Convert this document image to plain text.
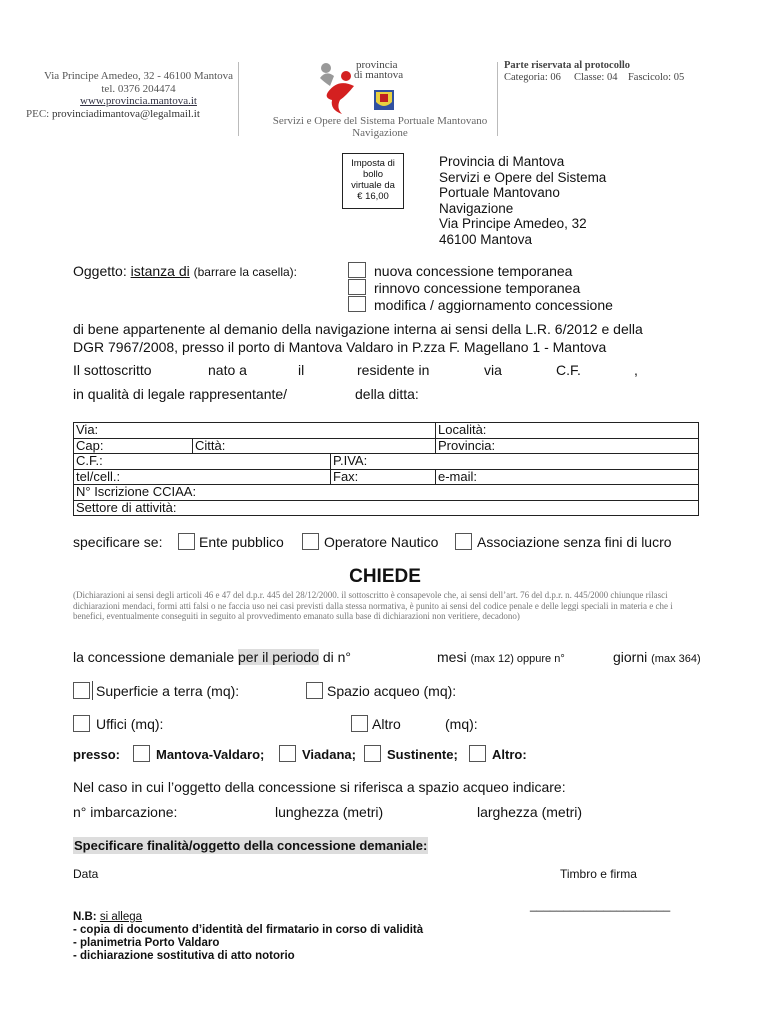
Via Principe Amedeo, 32 - 46100 Mantova
tel. 0376 204474
www.provincia.mantova.it
PEC: provinciadimantova@legalmail.it
provincia
di mantova
Servizi e Opere del Sistema Portuale Mantovano
Navigazione
Parte riservata al protocollo
Categoria: 06     Classe: 04    Fascicolo: 05
Imposta di
bollo
virtuale da
€ 16,00
Provincia di Mantova
Servizi e Opere del Sistema
Portuale Mantovano
Navigazione
Via Principe Amedeo, 32
46100 Mantova
Oggetto: istanza di (barrare la casella):	nuova concessione temporanea
rinnovo concessione temporanea
modifica / aggiornamento concessione
di bene appartenente al demanio della navigazione interna ai sensi della L.R. 6/2012 e della
DGR 7967/2008, presso il porto di Mantova Valdaro in P.zza F. Magellano 1 - Mantova
Il sottoscritto	nato a	il	residente in	via	C.F.	,
in qualità di legale rappresentante/	della ditta:
Via:			Località:
Cap:	Città:		Provincia:
C.F.:		P.IVA:	
tel/cell.:		Fax:	e-mail:
N° Iscrizione CCIAA:			
Settore di attività:			
specificare se:	Ente pubblico	Operatore Nautico	Associazione senza fini di lucro
CHIEDE
(Dichiarazioni ai sensi degli articoli 46 e 47 del d.p.r. 445 del 28/12/2000. il sottoscritto è consapevole che, ai sensi dell’art. 76 del d.p.r. n. 445/2000 chiunque rilasci dichiarazioni mendaci, formi atti falsi o ne faccia uso nei casi previsti dalla stessa normativa, è punito ai sensi del codice penale e delle leggi speciali in materia e che i benefici, eventualmente conseguiti in seguito al provvedimento emanato sulla base di dichiarazioni non veritiere, decadono)
la concessione demaniale per il periodo di n°	mesi (max 12) oppure n°	giorni (max 364)
Superficie a terra (mq):	Spazio acqueo (mq):
Uffici (mq):	Altro	(mq):
presso:	Mantova-Valdaro;	Viadana; Sustinente;	Altro:
Nel caso in cui l’oggetto della concessione si riferisca a spazio acqueo indicare:
n° imbarcazione:	lunghezza (metri)	larghezza (metri)
Specificare finalità/oggetto della concessione demaniale:
Data	Timbro e firma
_____________________
N.B: si allega
- copia di documento d’identità del firmatario in corso di validità
- planimetria Porto Valdaro
- dichiarazione sostitutiva di atto notorio
